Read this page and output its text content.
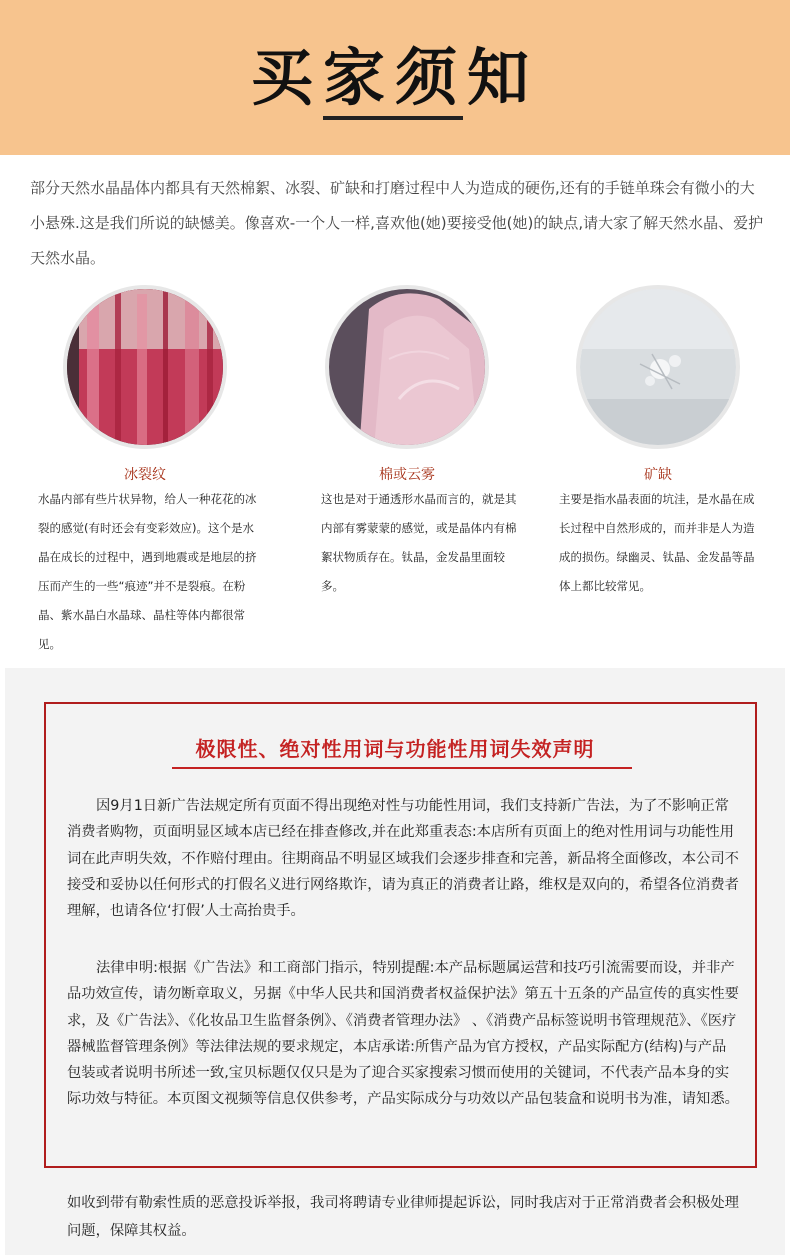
买家须知
部分天然水晶晶体内都具有天然棉絮、冰裂、矿缺和打磨过程中人为造成的硬伤,还有的手链单珠会有微小的大小悬殊.这是我们所说的缺憾美。像喜欢-一个人一样,喜欢他(她)要接受他(她)的缺点,请大家了解天然水晶、爱护天然水晶。
冰裂纹
水晶内部有些片状异物，给人一种花花的冰裂的感觉(有时还会有变彩效应)。这个是水晶在成长的过程中，遇到地震或是地层的挤压而产生的一些“痕迹”并不是裂痕。在粉晶、紫水晶白水晶球、晶柱等体内都很常见。
棉或云雾
这也是对于通透形水晶而言的，就是其内部有雾蒙蒙的感觉，或是晶体内有棉絮状物质存在。钛晶，金发晶里面较多。
矿缺
主要是指水晶表面的坑洼，是水晶在成长过程中自然形成的，而并非是人为造成的损伤。绿幽灵、钛晶、金发晶等晶体上都比较常见。
极限性、绝对性用词与功能性用词失效声明
因9月1日新广告法规定所有页面不得出现绝对性与功能性用词，我们支持新广告法，为了不影响正常消费者购物，页面明显区域本店已经在排查修改,并在此郑重表态:本店所有页面上的绝对性用词与功能性用词在此声明失效，不作赔付理由。往期商品不明显区域我们会逐步排查和完善，新品将全面修改，本公司不接受和妥协以任何形式的打假名义进行网络欺诈，请为真正的消费者让路，维权是双向的，希望各位消费者理解，也请各位‘打假’人士高抬贵手。
法律申明:根据《广告法》和工商部门指示，特别提醒:本产品标题属运营和技巧引流需要而设，并非产品功效宣传，请勿断章取义，另据《中华人民共和国消费者权益保护法》第五十五条的产品宣传的真实性要求，及《广告法》、《化妆品卫生监督条例》、《消费者管理办法》 、《消费产品标签说明书管理规范》、《医疗器械监督管理条例》等法律法规的要求规定，本店承诺:所售产品为官方授权，产品实际配方(结构)与产品包装或者说明书所述一致,宝贝标题仅仅只是为了迎合买家搜索习惯而使用的关键词，不代表产品本身的实际功效与特征。本页图文视频等信息仅供参考，产品实际成分与功效以产品包装盒和说明书为准，请知悉。
如收到带有勒索性质的恶意投诉举报，我司将聘请专业律师提起诉讼，同时我店对于正常消费者会积极处理问题，保障其权益。
